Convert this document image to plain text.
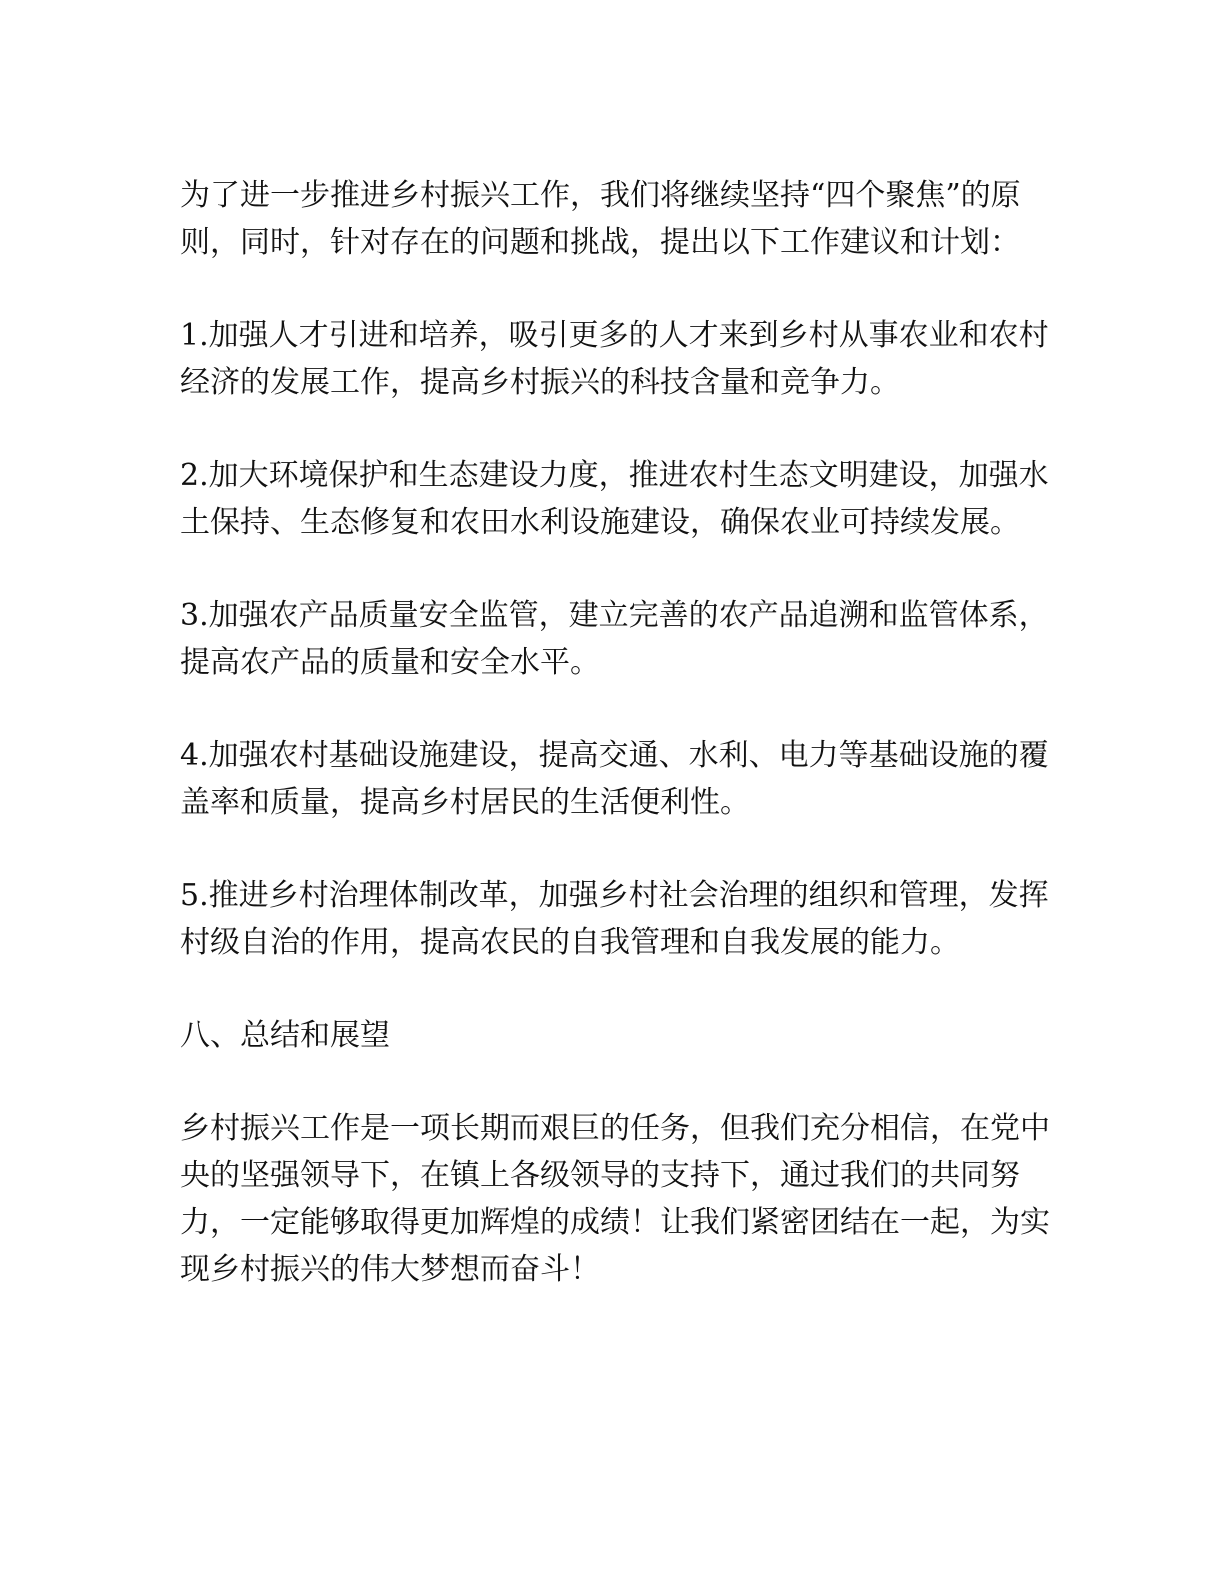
为了进一步推进乡村振兴工作，我们将继续坚持“四个聚焦”的原则，同时，针对存在的问题和挑战，提出以下工作建议和计划：

1.加强人才引进和培养，吸引更多的人才来到乡村从事农业和农村经济的发展工作，提高乡村振兴的科技含量和竞争力。

2.加大环境保护和生态建设力度，推进农村生态文明建设，加强水土保持、生态修复和农田水利设施建设，确保农业可持续发展。

3.加强农产品质量安全监管，建立完善的农产品追溯和监管体系，提高农产品的质量和安全水平。

4.加强农村基础设施建设，提高交通、水利、电力等基础设施的覆盖率和质量，提高乡村居民的生活便利性。

5.推进乡村治理体制改革，加强乡村社会治理的组织和管理，发挥村级自治的作用，提高农民的自我管理和自我发展的能力。

八、总结和展望

乡村振兴工作是一项长期而艰巨的任务，但我们充分相信，在党中央的坚强领导下，在镇上各级领导的支持下，通过我们的共同努力，一定能够取得更加辉煌的成绩！让我们紧密团结在一起，为实现乡村振兴的伟大梦想而奋斗！
